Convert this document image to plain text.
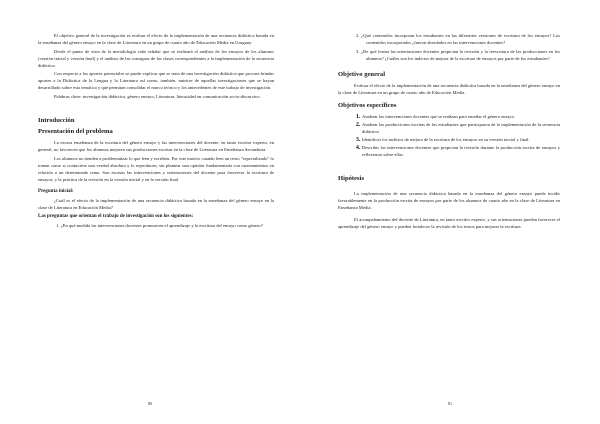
El objetivo general de la investigación es evaluar el efecto de la implementación de una secuencia didáctica basada en la enseñanza del género ensayo en la clase de Literatura en un grupo de cuarto año de Educación Media en Uruguay.

Desde el punto de vista de la metodología cabe señalar que se realizará el análisis de los ensayos de los alumnos (versión inicial y versión final) y el análisis de las consignas de las clases correspondientes a la implementación de la secuencia didáctica.

Con respecto a los aportes potenciales se puede explicar que se trata de una investigación didáctica que procura brindar aportes a la Didáctica de la Lengua y la Literatura así como, también, nutrirse de aquellas investigaciones que se hayan desarrollado sobre esta temática y que permitan consolidar el marco teórico y los antecedentes de este trabajo de investigación.

Palabras clave: investigación didáctica, género ensayo, Literatura, literacidad en comunicación socio-discursivo.

Introducción
Presentación del problema

La escasa enseñanza de la escritura del género ensayo y las intervenciones del docente, en tanto escritor experto, en general, no favorecen que los alumnos mejoren sus producciones escritas en la clase de Literatura en Enseñanza Secundaria.

Los alumnos no tienden a problematizar lo que leen y escriben. Por este motivo cuando leen un texto "especializado" lo toman como si contuviese una verdad absoluta y lo reproducen, sin plantear una opinión fundamentada con razonamientos en relación a un determinado tema. Son escasas las intervenciones y orientaciones del docente para favorecer la escritura de ensayos, y la práctica de la revisión en la versión inicial y en la versión final.

Pregunta inicial:

¿Cuál es el efecto de la implementación de una secuencia didáctica basada en la enseñanza del género ensayo en la clase de Literatura en Educación Media?

Las preguntas que orientan el trabajo de investigación son los siguientes:

1. ¿En qué medida las intervenciones docentes promueven el aprendizaje y la escritura del ensayo como género?

80

2. ¿Qué contenidos incorporan los estudiantes en las diferentes versiones de escritura de los ensayos? Los contenidos incorporados ¿fueron abordados en las intervenciones docentes?

3. ¿De qué forma las orientaciones docentes propician la revisión y la reescritura de las producciones en los alumnos? ¿Cuáles son los indicios de mejora de la escritura de ensayos por parte de los estudiantes?

Objetivo general

Evaluar el efecto de la implementación de una secuencia didáctica basada en la enseñanza del género ensayo en la clase de Literatura en un grupo de cuarto año de Educación Media.

Objetivos específicos
1. Analizar las intervenciones docentes que se realizan para enseñar el género ensayo.
2. Analizar las producciones escritas de los estudiantes que participaron de la implementación de la secuencia didáctica.
3. Identificar los indicios de mejora de la escritura de los ensayos en su versión inicial y final.
4. Describir las intervenciones docentes que propician la revisión durante la producción escrita de ensayos y reflexionar sobre ellas.
Hipótesis

La implementación de una secuencia didáctica basada en la enseñanza del género ensayo puede incidir favorablemente en la producción escrita de ensayos por parte de los alumnos de cuarto año en la clase de Literatura en Enseñanza Media.

El acompañamiento del docente de Literatura, en tanto escritor experto, y sus orientaciones pueden favorecer el aprendizaje del género ensayo y pueden fortalecer la revisión de los textos para mejorar la escritura.

81
